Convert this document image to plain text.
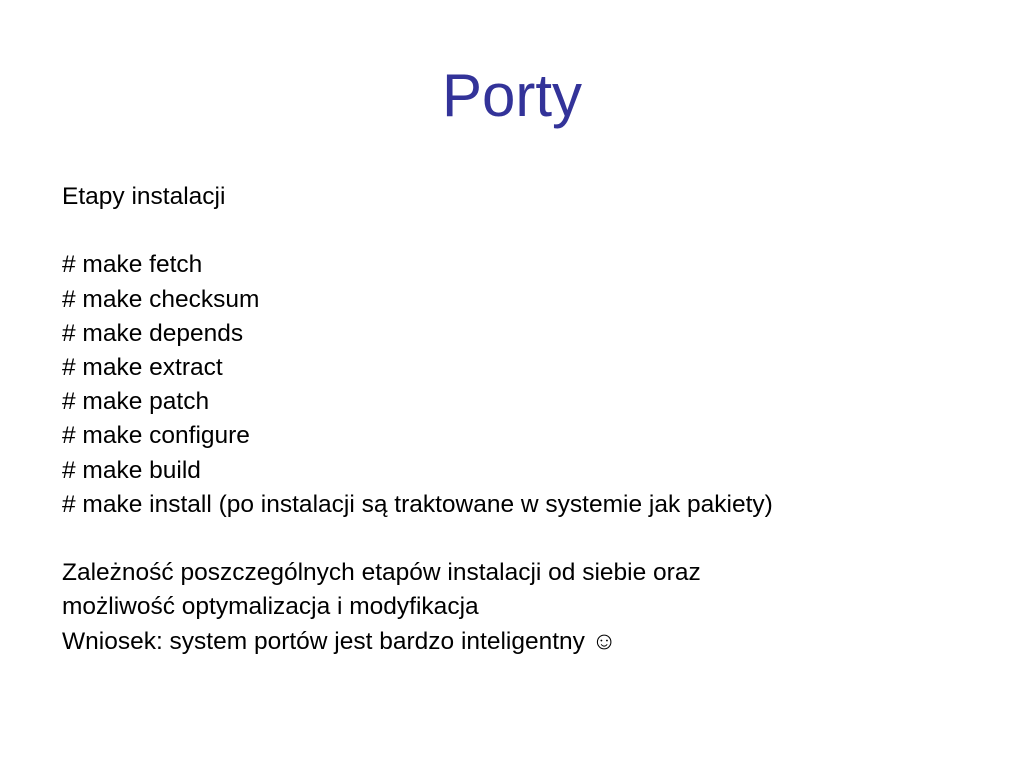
Porty
Etapy instalacji
# make fetch
# make checksum
# make depends
# make extract
# make patch
# make configure
# make build
# make install (po instalacji są traktowane w systemie jak pakiety)
Zależność poszczególnych etapów instalacji od siebie oraz
możliwość optymalizacja i modyfikacja
Wniosek: system portów jest bardzo inteligentny ☺
